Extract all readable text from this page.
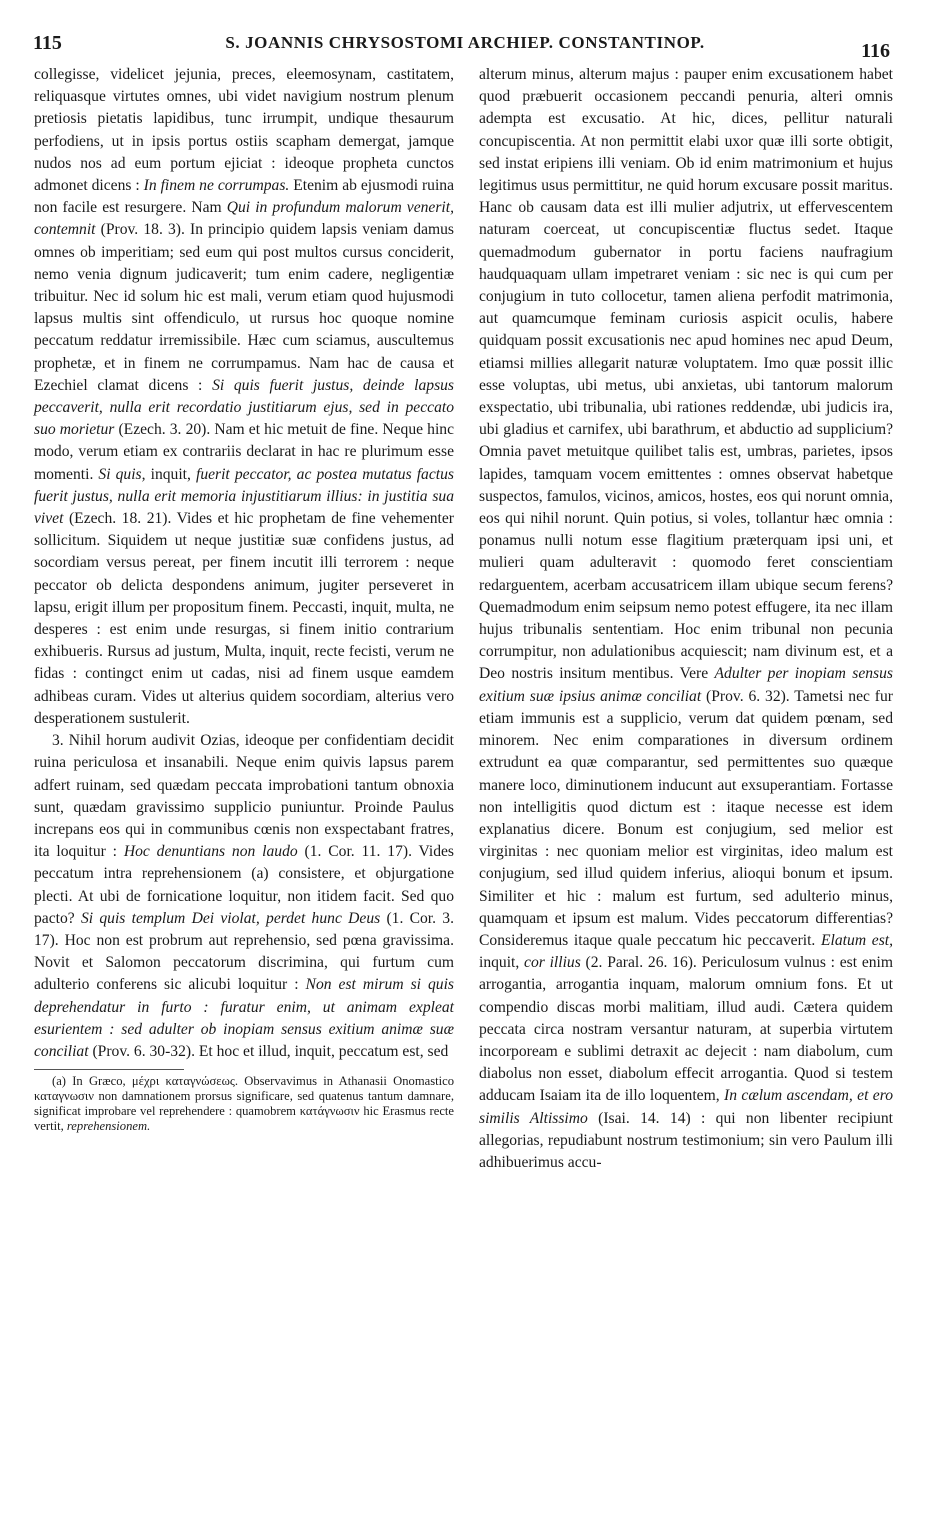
115	S. JOANNIS CHRYSOSTOMI ARCHIEP. CONSTANTINOP.	116

collegisse, videlicet jejunia, preces, eleemosynam, castitatem, reliquasque virtutes omnes, ubi videt navigium nostrum plenum pretiosis pietatis lapidibus, tunc irrumpit, undique thesaurum perfodiens, ut in ipsis portus ostiis scapham demergat, jamque nudos nos ad eum portum ejiciat : ideoque propheta cunctos admonet dicens : In finem ne corrumpas. Etenim ab ejusmodi ruina non facile est resurgere. Nam Qui in profundum malorum venerit, contemnit (Prov. 18. 3). In principio quidem lapsis veniam damus omnes ob imperitiam; sed eum qui post multos cursus conciderit, nemo venia dignum judicaverit; tum enim cadere, negligentiæ tribuitur. Nec id solum hic est mali, verum etiam quod hujusmodi lapsus multis sint offendiculo, ut rursus hoc quoque nomine peccatum reddatur irremissibile. Hæc cum sciamus, auscultemus prophetæ, et in finem ne corrumpamus. Nam hac de causa et Ezechiel clamat dicens : Si quis fuerit justus, deinde lapsus peccaverit, nulla erit recordatio justitiarum ejus, sed in peccato suo morietur (Ezech. 3. 20). Nam et hic metuit de fine. Neque hinc modo, verum etiam ex contrariis declarat in hac re plurimum esse momenti. Si quis, inquit, fuerit peccator, ac postea mutatus factus fuerit justus, nulla erit memoria injustitiarum illius: in justitia sua vivet (Ezech. 18. 21). Vides et hic prophetam de fine vehementer sollicitum. Siquidem ut neque justitiæ suæ confidens justus, ad socordiam versus pereat, per finem incutit illi terrorem : neque peccator ob delicta despondens animum, jugiter perseveret in lapsu, erigit illum per propositum finem. Peccasti, inquit, multa, ne desperes : est enim unde resurgas, si finem initio contrarium exhibueris. Rursus ad justum, Multa, inquit, recte fecisti, verum ne fidas : contingct enim ut cadas, nisi ad finem usque eamdem adhibeas curam. Vides ut alterius quidem socordiam, alterius vero desperationem sustulerit.

3. Nihil horum audivit Ozias, ideoque per confidentiam decidit ruina periculosa et insanabili. Neque enim quivis lapsus parem adfert ruinam, sed quædam peccata improbationi tantum obnoxia sunt, quædam gravissimo supplicio puniuntur. Proinde Paulus increpans eos qui in communibus cœnis non exspectabant fratres, ita loquitur : Hoc denuntians non laudo (1. Cor. 11. 17). Vides peccatum intra reprehensionem (a) consistere, et objurgatione plecti. At ubi de fornicatione loquitur, non itidem facit. Sed quo pacto? Si quis templum Dei violat, perdet hunc Deus (1. Cor. 3. 17). Hoc non est probrum aut reprehensio, sed pœna gravissima. Novit et Salomon peccatorum discrimina, qui furtum cum adulterio conferens sic alicubi loquitur : Non est mirum si quis deprehendatur in furto : furatur enim, ut animam expleat esurientem : sed adulter ob inopiam sensus exitium animæ suæ conciliat (Prov. 6. 30-32). Et hoc et illud, inquit, peccatum est, sed

(a) In Græco, μέχρι καταγνώσεως. Observavimus in Athanasii Onomastico καταγνωσιν non damnationem prorsus significare, sed quatenus tantum damnare, significat improbare vel reprehendere : quamobrem κατάγνωσιν hic Erasmus recte vertit, reprehensionem.

alterum minus, alterum majus : pauper enim excusationem habet quod præbuerit occasionem peccandi penuria, alteri omnis adempta est excusatio. At hic, dices, pellitur naturali concupiscentia. At non permittit elabi uxor quæ illi sorte obtigit, sed instat eripiens illi veniam. Ob id enim matrimonium et hujus legitimus usus permittitur, ne quid horum excusare possit maritus. Hanc ob causam data est illi mulier adjutrix, ut effervescentem naturam coerceat, ut concupiscentiæ fluctus sedet. Itaque quemadmodum gubernator in portu faciens naufragium haudquaquam ullam impetraret veniam : sic nec is qui cum per conjugium in tuto collocetur, tamen aliena perfodit matrimonia, aut quamcumque feminam curiosis aspicit oculis, habere quidquam possit excusationis nec apud homines nec apud Deum, etiamsi millies allegarit naturæ voluptatem. Imo quæ possit illic esse voluptas, ubi metus, ubi anxietas, ubi tantorum malorum exspectatio, ubi tribunalia, ubi rationes reddendæ, ubi judicis ira, ubi gladius et carnifex, ubi barathrum, et abductio ad supplicium? Omnia pavet metuitque quilibet talis est, umbras, parietes, ipsos lapides, tamquam vocem emittentes : omnes observat habetque suspectos, famulos, vicinos, amicos, hostes, eos qui norunt omnia, eos qui nihil norunt. Quin potius, si voles, tollantur hæc omnia : ponamus nulli notum esse flagitium præterquam ipsi uni, et mulieri quam adulteravit : quomodo feret conscientiam redarguentem, acerbam accusatricem illam ubique secum ferens? Quemadmodum enim seipsum nemo potest effugere, ita nec illam hujus tribunalis sententiam. Hoc enim tribunal non pecunia corrumpitur, non adulationibus acquiescit; nam divinum est, et a Deo nostris insitum mentibus. Vere Adulter per inopiam sensus exitium suæ ipsius animæ conciliat (Prov. 6. 32). Tametsi nec fur etiam immunis est a supplicio, verum dat quidem pœnam, sed minorem. Nec enim comparationes in diversum ordinem extrudunt ea quæ comparantur, sed permittentes suo quæque manere loco, diminutionem inducunt aut exsuperantiam. Fortasse non intelligitis quod dictum est : itaque necesse est idem explanatius dicere. Bonum est conjugium, sed melior est virginitas : nec quoniam melior est virginitas, ideo malum est conjugium, sed illud quidem inferius, alioqui bonum et ipsum. Similiter et hic : malum est furtum, sed adulterio minus, quamquam et ipsum est malum. Vides peccatorum differentias? Consideremus itaque quale peccatum hic peccaverit. Elatum est, inquit, cor illius (2. Paral. 26. 16). Periculosum vulnus : est enim arrogantia, arrogantia inquam, malorum omnium fons. Et ut compendio discas morbi malitiam, illud audi. Cætera quidem peccata circa nostram versantur naturam, at superbia virtutem incorpoream e sublimi detraxit ac dejecit : nam diabolum, cum diabolus non esset, diabolum effecit arrogantia. Quod si testem adducam Isaiam ita de illo loquentem, In cælum ascendam, et ero similis Altissimo (Isai. 14. 14) : qui non libenter recipiunt allegorias, repudiabunt nostrum testimonium; sin vero Paulum illi adhibuerimus accu-
